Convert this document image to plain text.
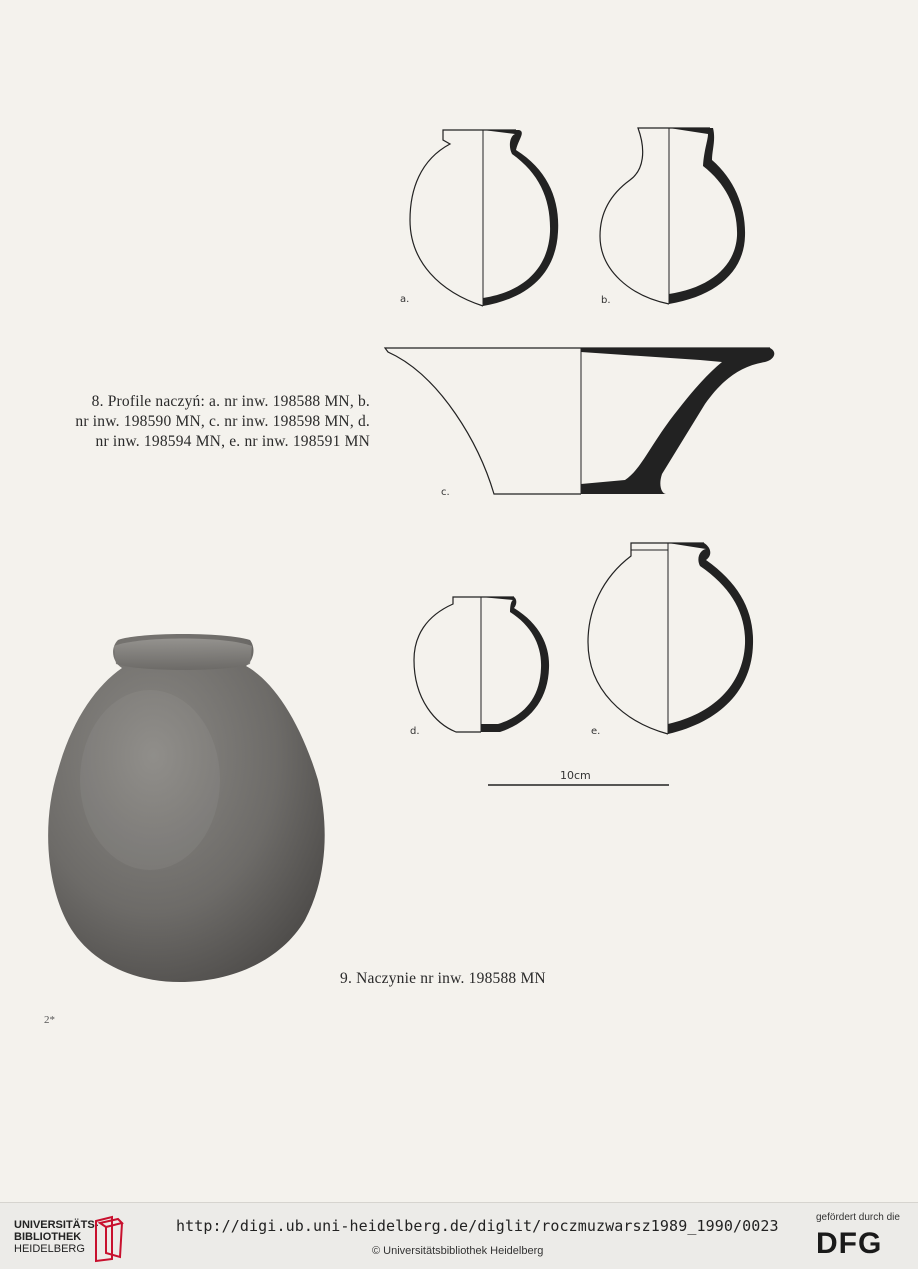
a.	b.
c.
d.	e.
10cm
8. Profile naczyń: a. nr inw. 198588 MN, b.
nr inw. 198590 MN, c. nr inw. 198598 MN, d.
nr inw. 198594 MN, e. nr inw. 198591 MN
9. Naczynie nr inw. 198588 MN
2*
UNIVERSITÄTS-
BIBLIOTHEK
HEIDELBERG
http://digi.ub.uni-heidelberg.de/diglit/roczmuzwarsz1989_1990/0023
© Universitätsbibliothek Heidelberg
gefördert durch die
DFG
